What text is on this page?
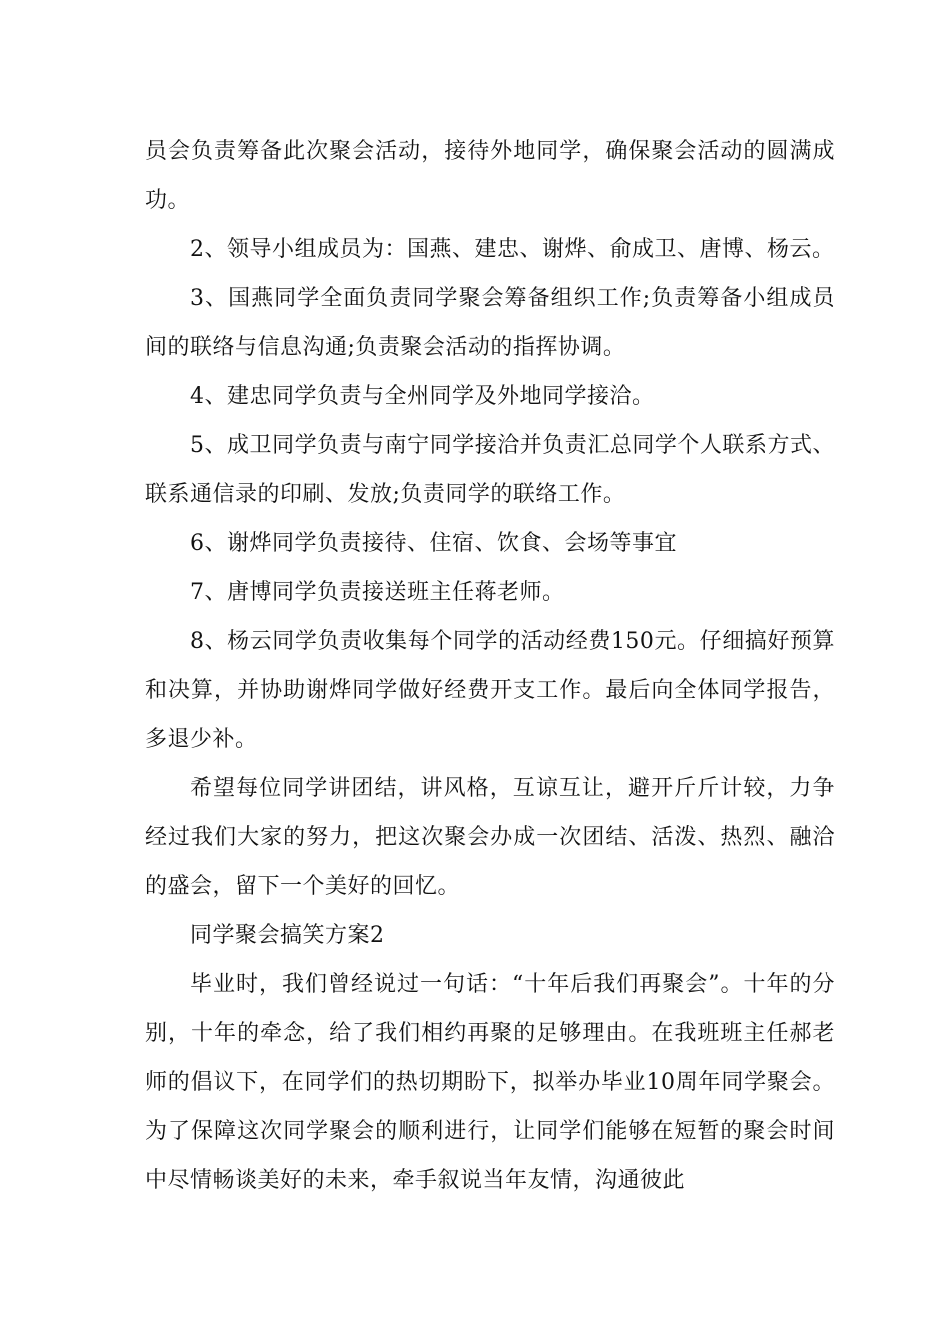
员会负责筹备此次聚会活动，接待外地同学，确保聚会活动的圆满成功。

2、领导小组成员为：国燕、建忠、谢烨、俞成卫、唐博、杨云。

3、国燕同学全面负责同学聚会筹备组织工作;负责筹备小组成员间的联络与信息沟通;负责聚会活动的指挥协调。

4、建忠同学负责与全州同学及外地同学接洽。

5、成卫同学负责与南宁同学接洽并负责汇总同学个人联系方式、联系通信录的印刷、发放;负责同学的联络工作。

6、谢烨同学负责接待、住宿、饮食、会场等事宜

7、唐博同学负责接送班主任蒋老师。

8、杨云同学负责收集每个同学的活动经费150元。仔细搞好预算和决算，并协助谢烨同学做好经费开支工作。最后向全体同学报告，多退少补。

希望每位同学讲团结，讲风格，互谅互让，避开斤斤计较，力争经过我们大家的努力，把这次聚会办成一次团结、活泼、热烈、融洽的盛会，留下一个美好的回忆。

同学聚会搞笑方案2

毕业时，我们曾经说过一句话：“十年后我们再聚会”。十年的分别，十年的牵念，给了我们相约再聚的足够理由。在我班班主任郝老师的倡议下，在同学们的热切期盼下，拟举办毕业10周年同学聚会。为了保障这次同学聚会的顺利进行，让同学们能够在短暂的聚会时间中尽情畅谈美好的未来，牵手叙说当年友情，沟通彼此
